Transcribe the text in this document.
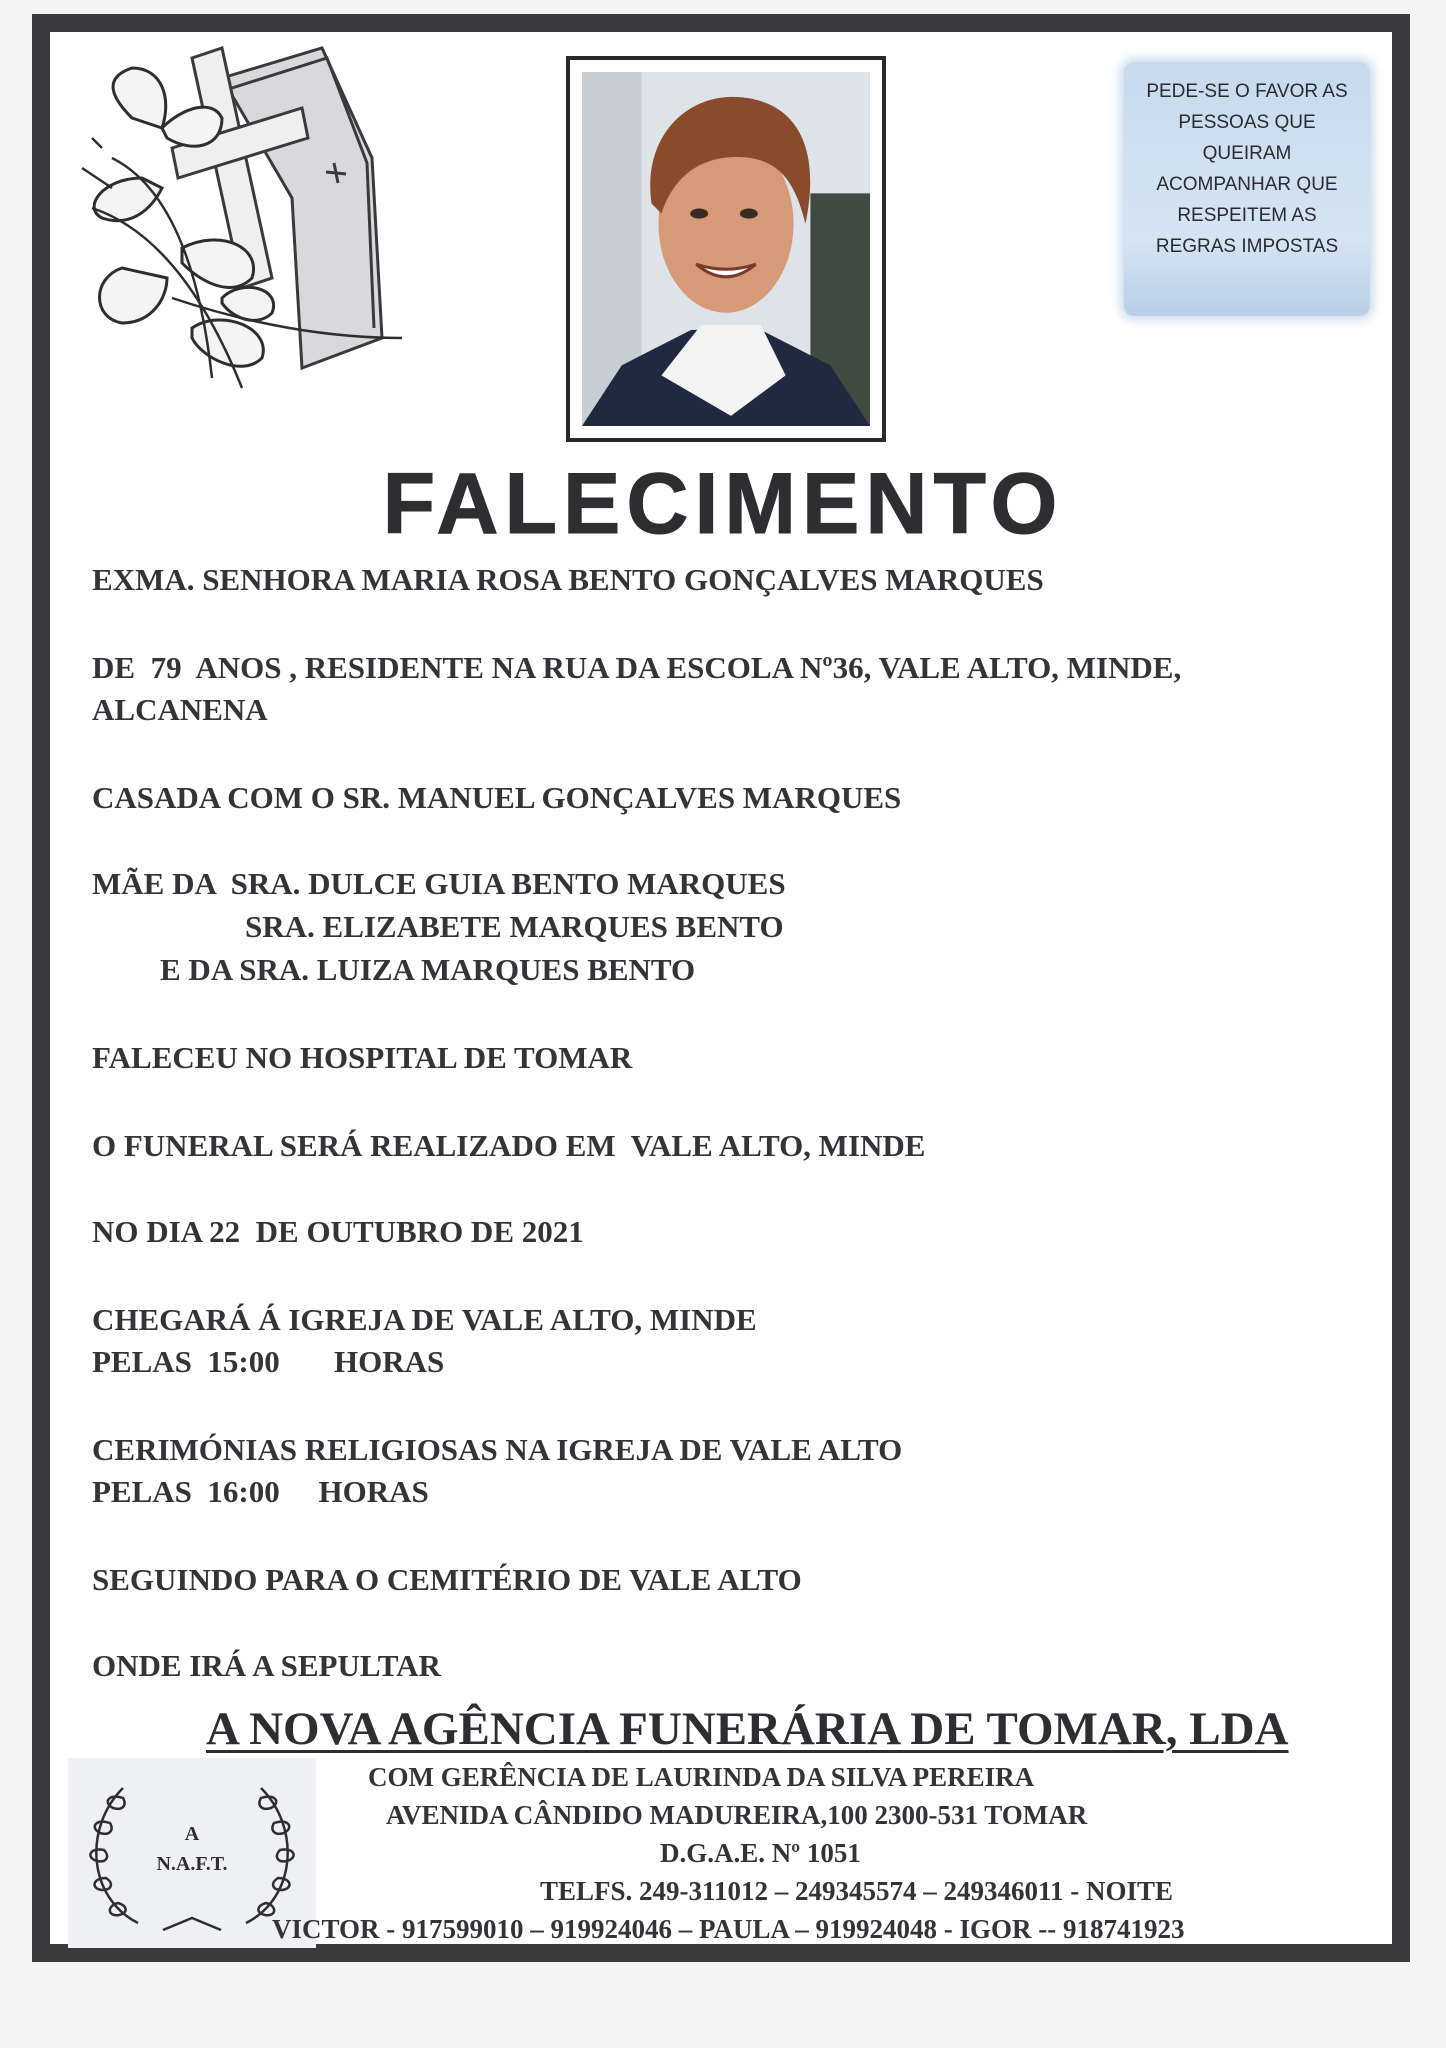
PEDE-SE O FAVOR AS
PESSOAS QUE
QUEIRAM
ACOMPANHAR QUE
RESPEITEM AS
REGRAS IMPOSTAS
FALECIMENTO
EXMA. SENHORA MARIA ROSA BENTO GONÇALVES MARQUES
DE  79  ANOS , RESIDENTE NA RUA DA ESCOLA Nº36, VALE ALTO, MINDE,
ALCANENA
CASADA COM O SR. MANUEL GONÇALVES MARQUES
MÃE DA  SRA. DULCE GUIA BENTO MARQUES
SRA. ELIZABETE MARQUES BENTO
E DA SRA. LUIZA MARQUES BENTO
FALECEU NO HOSPITAL DE TOMAR
O FUNERAL SERÁ REALIZADO EM  VALE ALTO, MINDE
NO DIA 22  DE OUTUBRO DE 2021
CHEGARÁ Á IGREJA DE VALE ALTO, MINDE
PELAS  15:00       HORAS
CERIMÓNIAS RELIGIOSAS NA IGREJA DE VALE ALTO
PELAS  16:00     HORAS
SEGUINDO PARA O CEMITÉRIO DE VALE ALTO
ONDE IRÁ A SEPULTAR
A
N.A.F.T.
A NOVA AGÊNCIA FUNERÁRIA DE TOMAR, LDA
COM GERÊNCIA DE LAURINDA DA SILVA PEREIRA
AVENIDA CÂNDIDO MADUREIRA,100 2300-531 TOMAR
D.G.A.E. Nº 1051
TELFS. 249-311012 – 249345574 – 249346011 - NOITE
VICTOR - 917599010 – 919924046 – PAULA – 919924048 - IGOR -- 918741923
